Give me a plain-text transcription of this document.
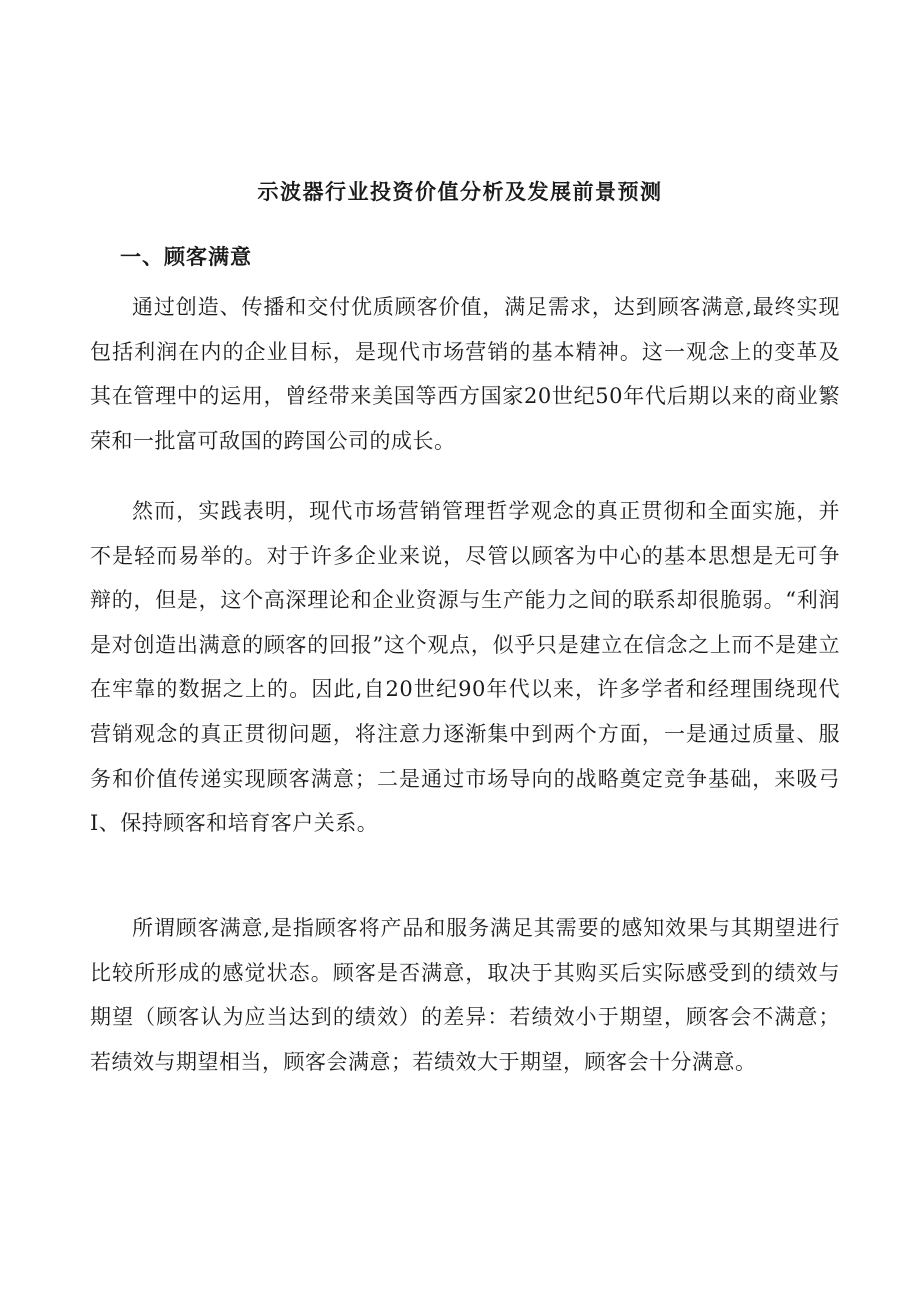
示波器行业投资价值分析及发展前景预测
一、顾客满意

通过创造、传播和交付优质顾客价值，满足需求，达到顾客满意,最终实现包括利润在内的企业目标，是现代市场营销的基本精神。这一观念上的变革及其在管理中的运用，曾经带来美国等西方国家20世纪50年代后期以来的商业繁荣和一批富可敌国的跨国公司的成长。

然而，实践表明，现代市场营销管理哲学观念的真正贯彻和全面实施，并不是轻而易举的。对于许多企业来说，尽管以顾客为中心的基本思想是无可争辩的，但是，这个高深理论和企业资源与生产能力之间的联系却很脆弱。“利润是对创造出满意的顾客的回报”这个观点，似乎只是建立在信念之上而不是建立在牢靠的数据之上的。因此,自20世纪90年代以来，许多学者和经理围绕现代营销观念的真正贯彻问题，将注意力逐渐集中到两个方面，一是通过质量、服务和价值传递实现顾客满意；二是通过市场导向的战略奠定竞争基础，来吸弓I、保持顾客和培育客户关系。

所谓顾客满意,是指顾客将产品和服务满足其需要的感知效果与其期望进行比较所形成的感觉状态。顾客是否满意，取决于其购买后实际感受到的绩效与期望（顾客认为应当达到的绩效）的差异：若绩效小于期望，顾客会不满意；若绩效与期望相当，顾客会满意；若绩效大于期望，顾客会十分满意。
